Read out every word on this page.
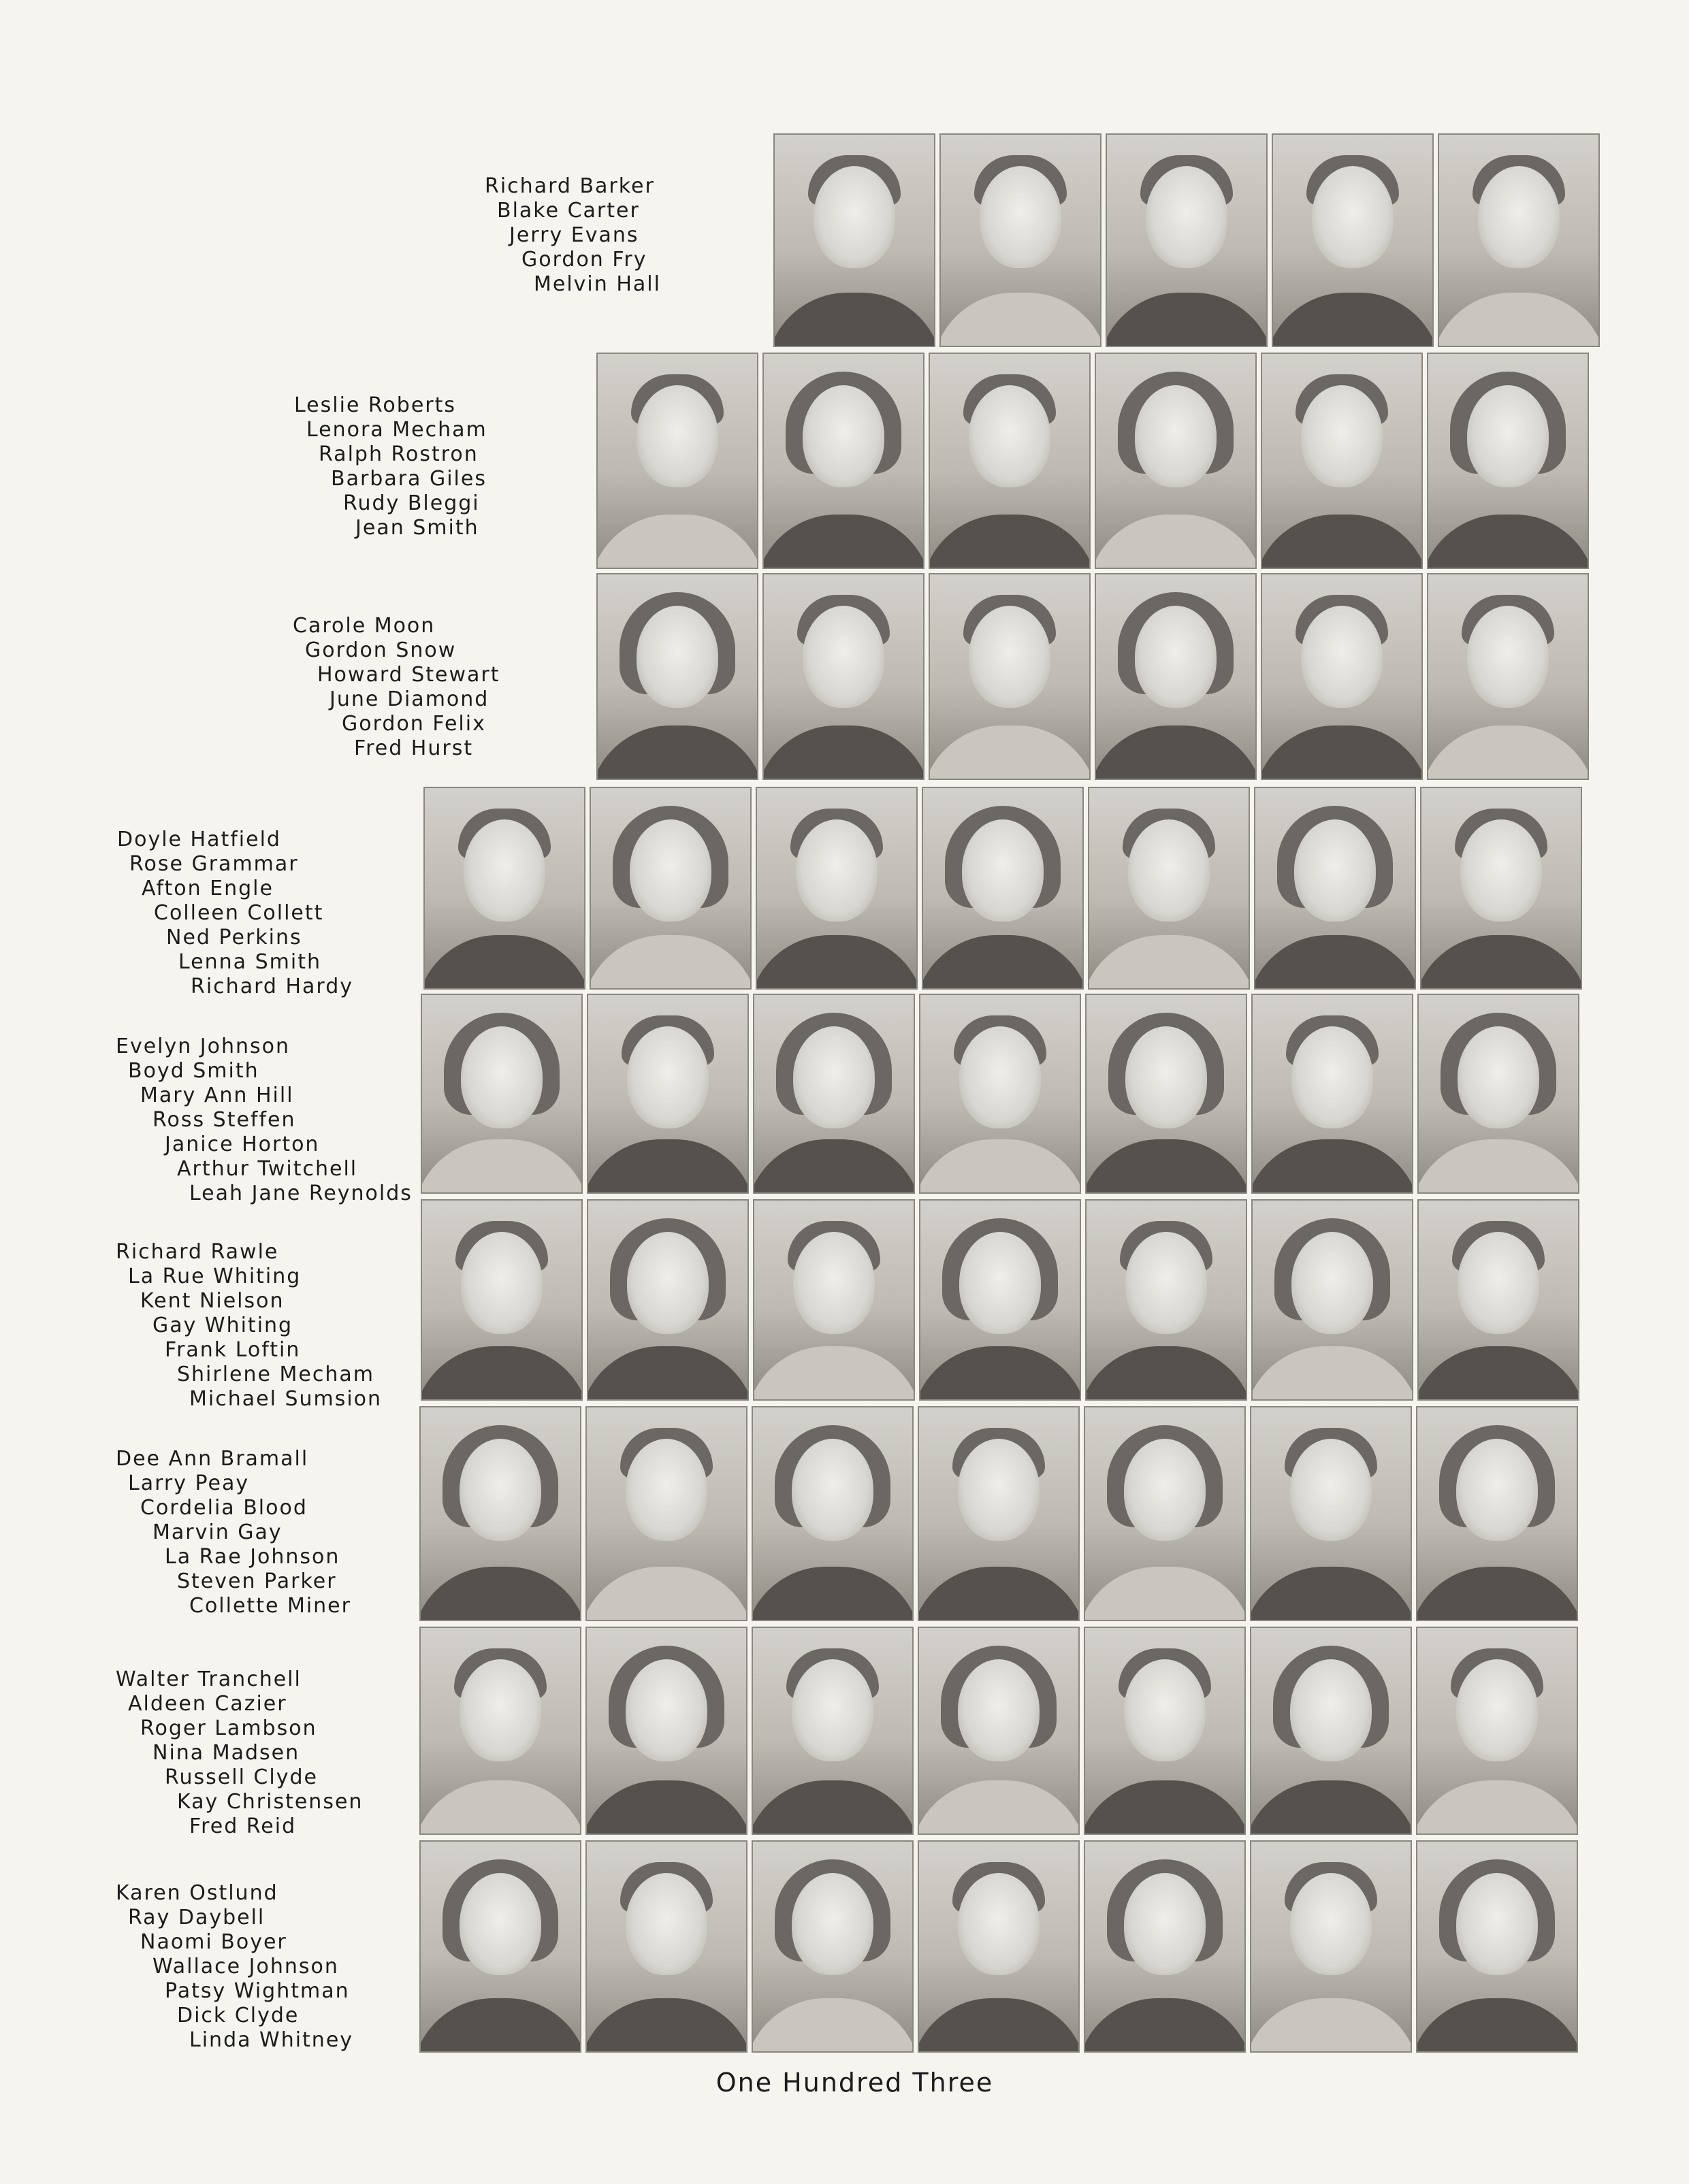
Richard Barker
Blake Carter
Jerry Evans
Gordon Fry
Melvin Hall
Leslie Roberts
Lenora Mecham
Ralph Rostron
Barbara Giles
Rudy Bleggi
Jean Smith
Carole Moon
Gordon Snow
Howard Stewart
June Diamond
Gordon Felix
Fred Hurst
Doyle Hatfield
Rose Grammar
Afton Engle
Colleen Collett
Ned Perkins
Lenna Smith
Richard Hardy
Evelyn Johnson
Boyd Smith
Mary Ann Hill
Ross Steffen
Janice Horton
Arthur Twitchell
Leah Jane Reynolds
Richard Rawle
La Rue Whiting
Kent Nielson
Gay Whiting
Frank Loftin
Shirlene Mecham
Michael Sumsion
Dee Ann Bramall
Larry Peay
Cordelia Blood
Marvin Gay
La Rae Johnson
Steven Parker
Collette Miner
Walter Tranchell
Aldeen Cazier
Roger Lambson
Nina Madsen
Russell Clyde
Kay Christensen
Fred Reid
Karen Ostlund
Ray Daybell
Naomi Boyer
Wallace Johnson
Patsy Wightman
Dick Clyde
Linda Whitney
One Hundred Three
